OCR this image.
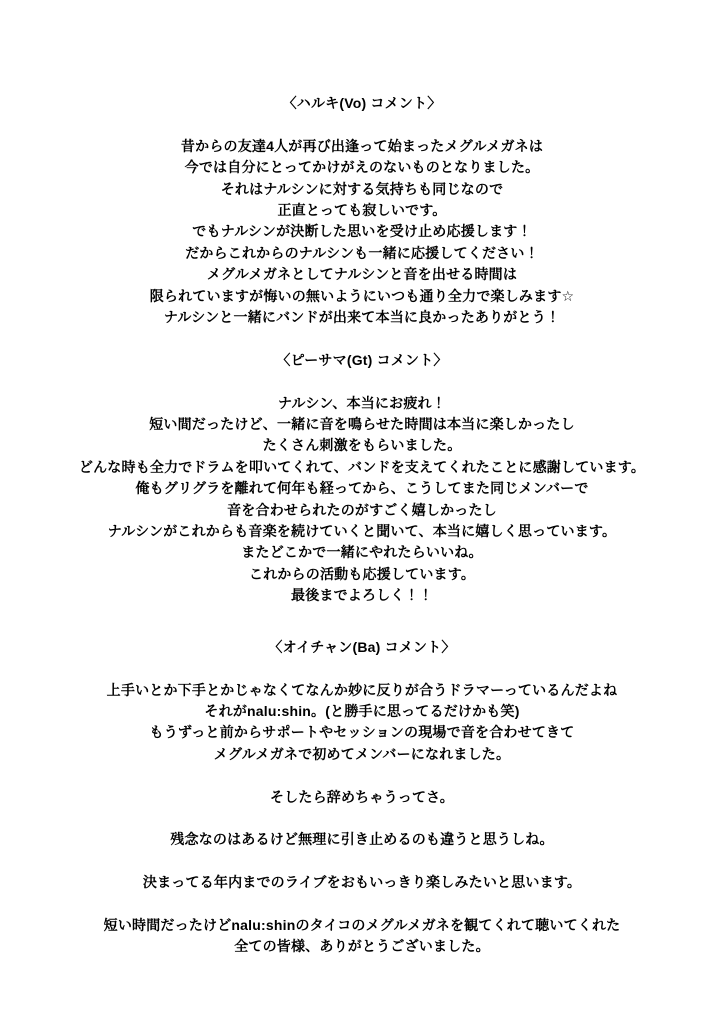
〈ハルキ(Vo) コメント〉

昔からの友達4人が再び出逢って始まったメグルメガネは

今では自分にとってかけがえのないものとなりました。

それはナルシンに対する気持ちも同じなので

正直とっても寂しいです。

でもナルシンが決断した思いを受け止め応援します！

だからこれからのナルシンも一緒に応援してください！

メグルメガネとしてナルシンと音を出せる時間は

限られていますが悔いの無いようにいつも通り全力で楽しみます☆

ナルシンと一緒にバンドが出来て本当に良かったありがとう！

〈ピーサマ(Gt) コメント〉

ナルシン、本当にお疲れ！

短い間だったけど、一緒に音を鳴らせた時間は本当に楽しかったし

たくさん刺激をもらいました。

どんな時も全力でドラムを叩いてくれて、バンドを支えてくれたことに感謝しています。

俺もグリグラを離れて何年も経ってから、こうしてまた同じメンバーで

音を合わせられたのがすごく嬉しかったし

ナルシンがこれからも音楽を続けていくと聞いて、本当に嬉しく思っています。

またどこかで一緒にやれたらいいね。

これからの活動も応援しています。

最後までよろしく！！

〈オイチャン(Ba) コメント〉

上手いとか下手とかじゃなくてなんか妙に反りが合うドラマーっているんだよね

それがnalu:shin。(と勝手に思ってるだけかも笑)

もうずっと前からサポートやセッションの現場で音を合わせてきて

メグルメガネで初めてメンバーになれました。

そしたら辞めちゃうってさ。

残念なのはあるけど無理に引き止めるのも違うと思うしね。

決まってる年内までのライブをおもいっきり楽しみたいと思います。

短い時間だったけどnalu:shinのタイコのメグルメガネを観てくれて聴いてくれた

全ての皆様、ありがとうございました。
